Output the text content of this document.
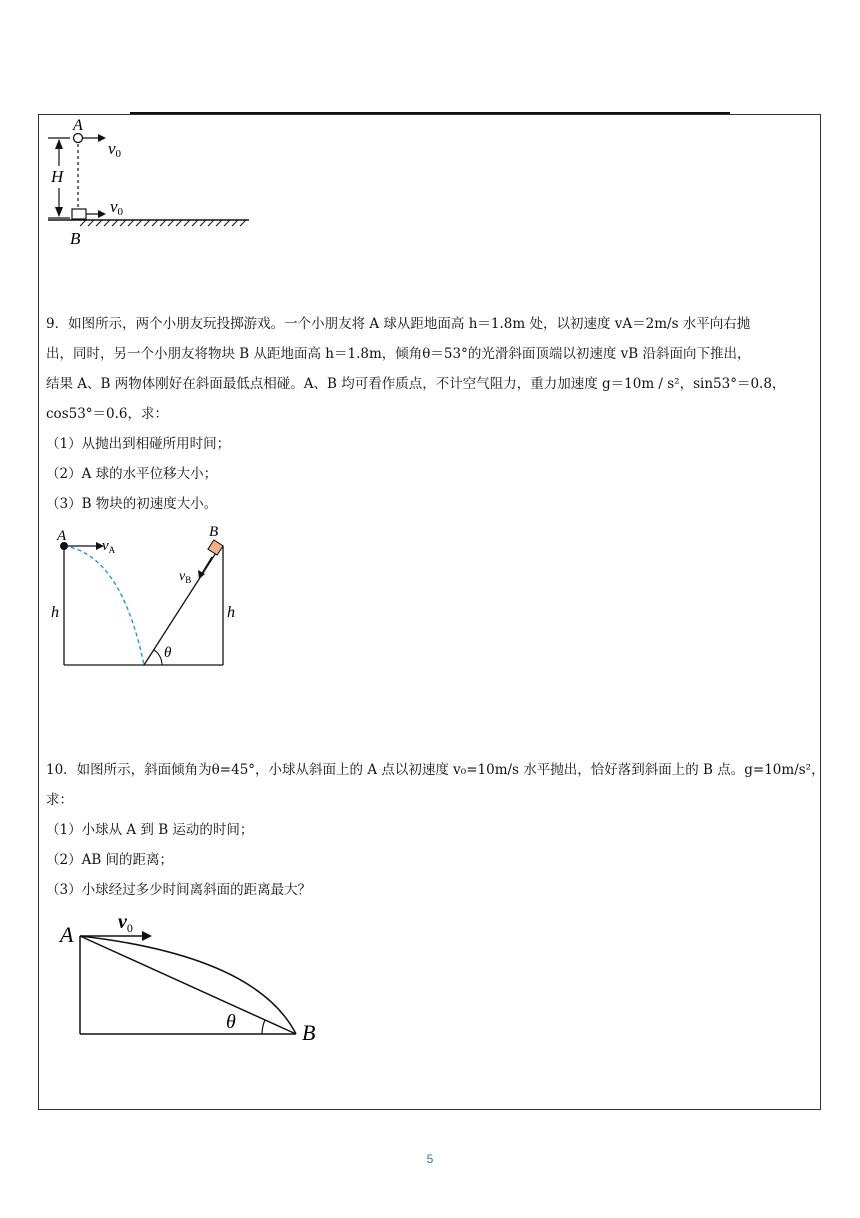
H
A
v0
v0
B

9．如图所示，两个小朋友玩投掷游戏。一个小朋友将 A 球从距地面高 h＝1.8m 处，以初速度 vA＝2m/s 水平向右抛

出，同时，另一个小朋友将物块 B 从距地面高 h＝1.8m，倾角θ＝53°的光滑斜面顶端以初速度 vB 沿斜面向下推出，

结果 A、B 两物体刚好在斜面最低点相碰。A、B 均可看作质点，不计空气阻力，重力加速度 g＝10m / s²，sin53°＝0.8，

cos53°＝0.6，求：

（1）从抛出到相碰所用时间；

（2）A 球的水平位移大小；

（3）B 物块的初速度大小。

A
$v_A$
B
$v_B$
h	h
θ

10．如图所示，斜面倾角为θ=45°，小球从斜面上的 A 点以初速度 v₀=10m/s 水平抛出，恰好落到斜面上的 B 点。g=10m/s²，

求：

（1）小球从 A 到 B 运动的时间；

（2）AB 间的距离；

（3）小球经过多少时间离斜面的距离最大？

$v_0$
A
θ	B
5
